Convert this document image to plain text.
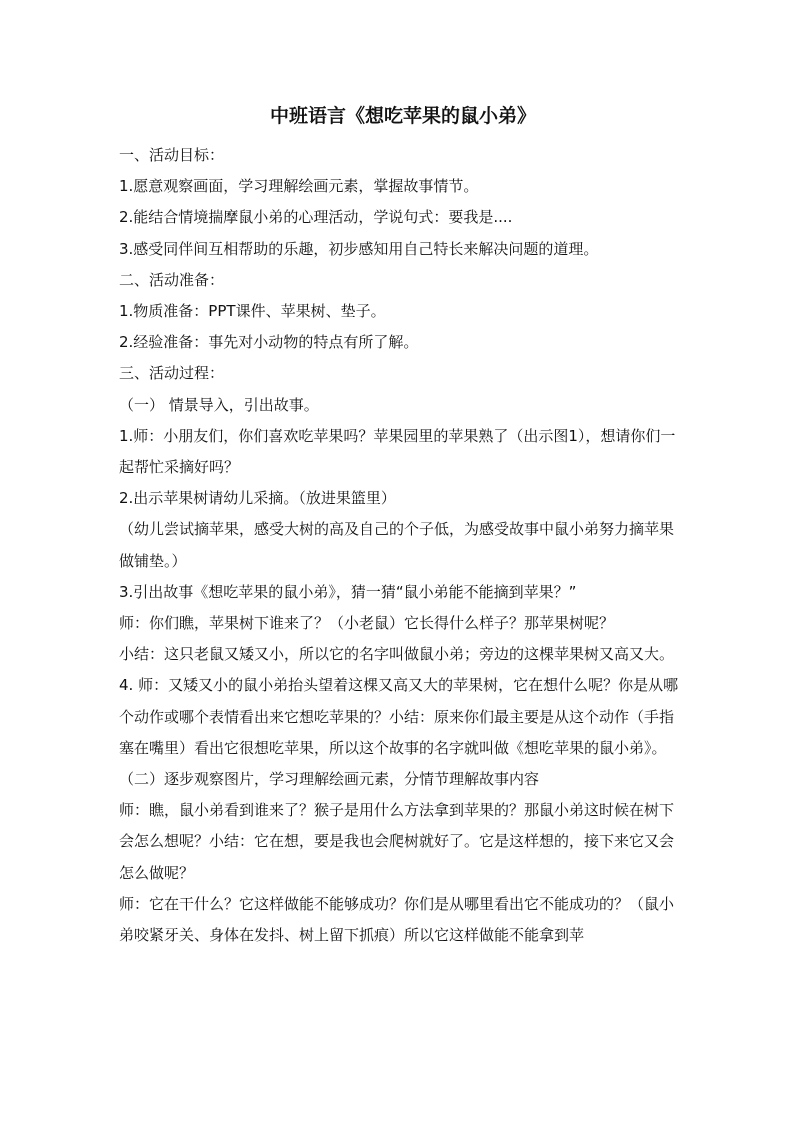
中班语言《想吃苹果的鼠小弟》

一、活动目标：

1.愿意观察画面，学习理解绘画元素，掌握故事情节。

2.能结合情境揣摩鼠小弟的心理活动，学说句式：要我是....

3.感受同伴间互相帮助的乐趣，初步感知用自己特长来解决问题的道理。

二、活动准备：

1.物质准备：PPT课件、苹果树、垫子。

2.经验准备：事先对小动物的特点有所了解。

三、活动过程：

（一） 情景导入，引出故事。

1.师：小朋友们，你们喜欢吃苹果吗？苹果园里的苹果熟了（出示图1），想请你们一起帮忙采摘好吗？

2.出示苹果树请幼儿采摘。（放进果篮里）

（幼儿尝试摘苹果，感受大树的高及自己的个子低，为感受故事中鼠小弟努力摘苹果做铺垫。）

3.引出故事《想吃苹果的鼠小弟》，猜一猜“鼠小弟能不能摘到苹果？”

师：你们瞧，苹果树下谁来了？（小老鼠）它长得什么样子？那苹果树呢？

小结：这只老鼠又矮又小，所以它的名字叫做鼠小弟；旁边的这棵苹果树又高又大。

4. 师：又矮又小的鼠小弟抬头望着这棵又高又大的苹果树，它在想什么呢？你是从哪个动作或哪个表情看出来它想吃苹果的？小结：原来你们最主要是从这个动作（手指塞在嘴里）看出它很想吃苹果，所以这个故事的名字就叫做《想吃苹果的鼠小弟》。

（二）逐步观察图片，学习理解绘画元素，分情节理解故事内容

师：瞧，鼠小弟看到谁来了？猴子是用什么方法拿到苹果的？那鼠小弟这时候在树下会怎么想呢？小结：它在想，要是我也会爬树就好了。它是这样想的，接下来它又会怎么做呢？

师：它在干什么？它这样做能不能够成功？你们是从哪里看出它不能成功的？（鼠小弟咬紧牙关、身体在发抖、树上留下抓痕）所以它这样做能不能拿到苹
